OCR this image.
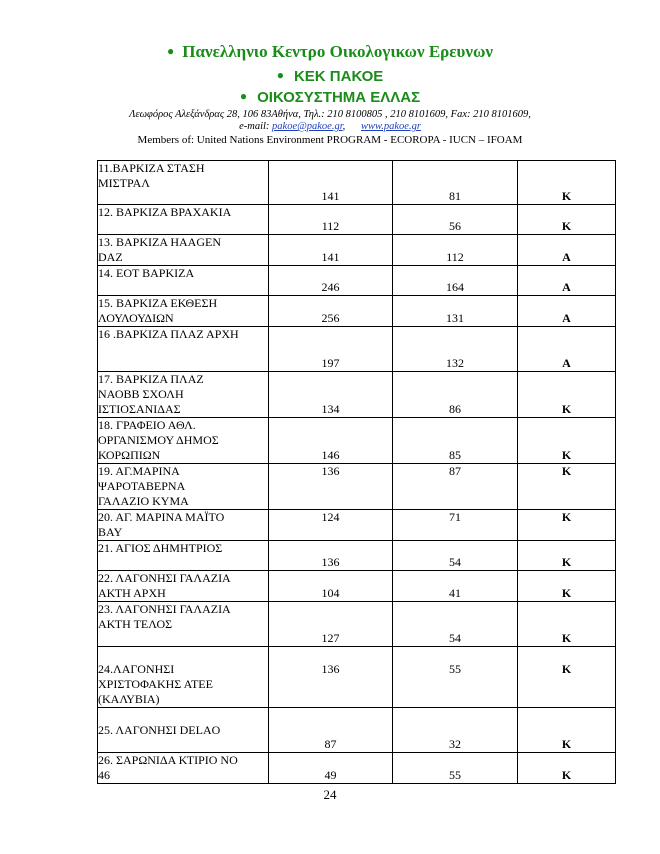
● Πανελληνιο Κεντρο Οικολογικων Ερευνων
● ΚΕΚ ΠΑΚΟΕ
● ΟΙΚΟΣΥΣΤΗΜΑ ΕΛΛΑΣ
Λεωφόρος Αλεξάνδρας 28, 106 83Αθήνα, Τηλ.: 210 8100805 , 210 8101609, Fax: 210 8101609,
e-mail: pakoe@pakoe.gr,      www.pakoe.gr
Members of: United Nations Environment PROGRAM - ECOROPA - IUCN – IFOAM
11.ΒΑΡΚΙΖΑ ΣΤΑΣΗ
ΜΙΣΤΡΑΛ	141	81	Κ

12. ΒΑΡΚΙΖΑ ΒΡΑΧΑΚΙΑ	112	56	Κ

13. ΒΑΡΚΙΖΑ HAAGEN
DAZ	141	112	Α

14. ΕΟΤ ΒΑΡΚΙΖΑ	246	164	Α

15. ΒΑΡΚΙΖΑ ΕΚΘΕΣΗ
ΛΟΥΛΟΥΔΙΩΝ	256	131	Α

16 .ΒΑΡΚΙΖΑ ΠΛΑΖ ΑΡΧΗ	197	132	Α

17. ΒΑΡΚΙΖΑ ΠΛΑΖ
ΝΑΟΒΒ ΣΧΟΛΗ
ΙΣΤΙΟΣΑΝΙΔΑΣ	134	86	Κ

18. ΓΡΑΦΕΙΟ ΑΘΛ.
ΟΡΓΑΝΙΣΜΟΥ ΔΗΜΟΣ
ΚΟΡΩΠΙΩΝ	146	85	Κ

19. ΑΓ.ΜΑΡΙΝΑ
ΨΑΡΟΤΑΒΕΡΝΑ
ΓΑΛΑΖΙΟ ΚΥΜΑ	136	87	Κ

20. ΑΓ. ΜΑΡΙΝΑ ΜΑΪΤΟ
BAY	124	71	Κ

21. ΑΓΙΟΣ ΔΗΜΗΤΡΙΟΣ	136	54	Κ

22. ΛΑΓΟΝΗΣΙ ΓΑΛΑΖΙΑ
ΑΚΤΗ ΑΡΧΗ	104	41	Κ

23. ΛΑΓΟΝΗΣΙ ΓΑΛΑΖΙΑ
ΑΚΤΗ ΤΕΛΟΣ	127	54	Κ

24.ΛΑΓΟΝΗΣΙ
ΧΡΙΣΤΟΦΑΚΗΣ ΑΤΕΕ
(ΚΑΛΥΒΙΑ)	136	55	Κ

25. ΛΑΓΟΝΗΣΙ DELAO	87	32	Κ

26. ΣΑΡΩΝΙΔΑ ΚΤΙΡΙΟ ΝΟ
46	49	55	Κ
24
